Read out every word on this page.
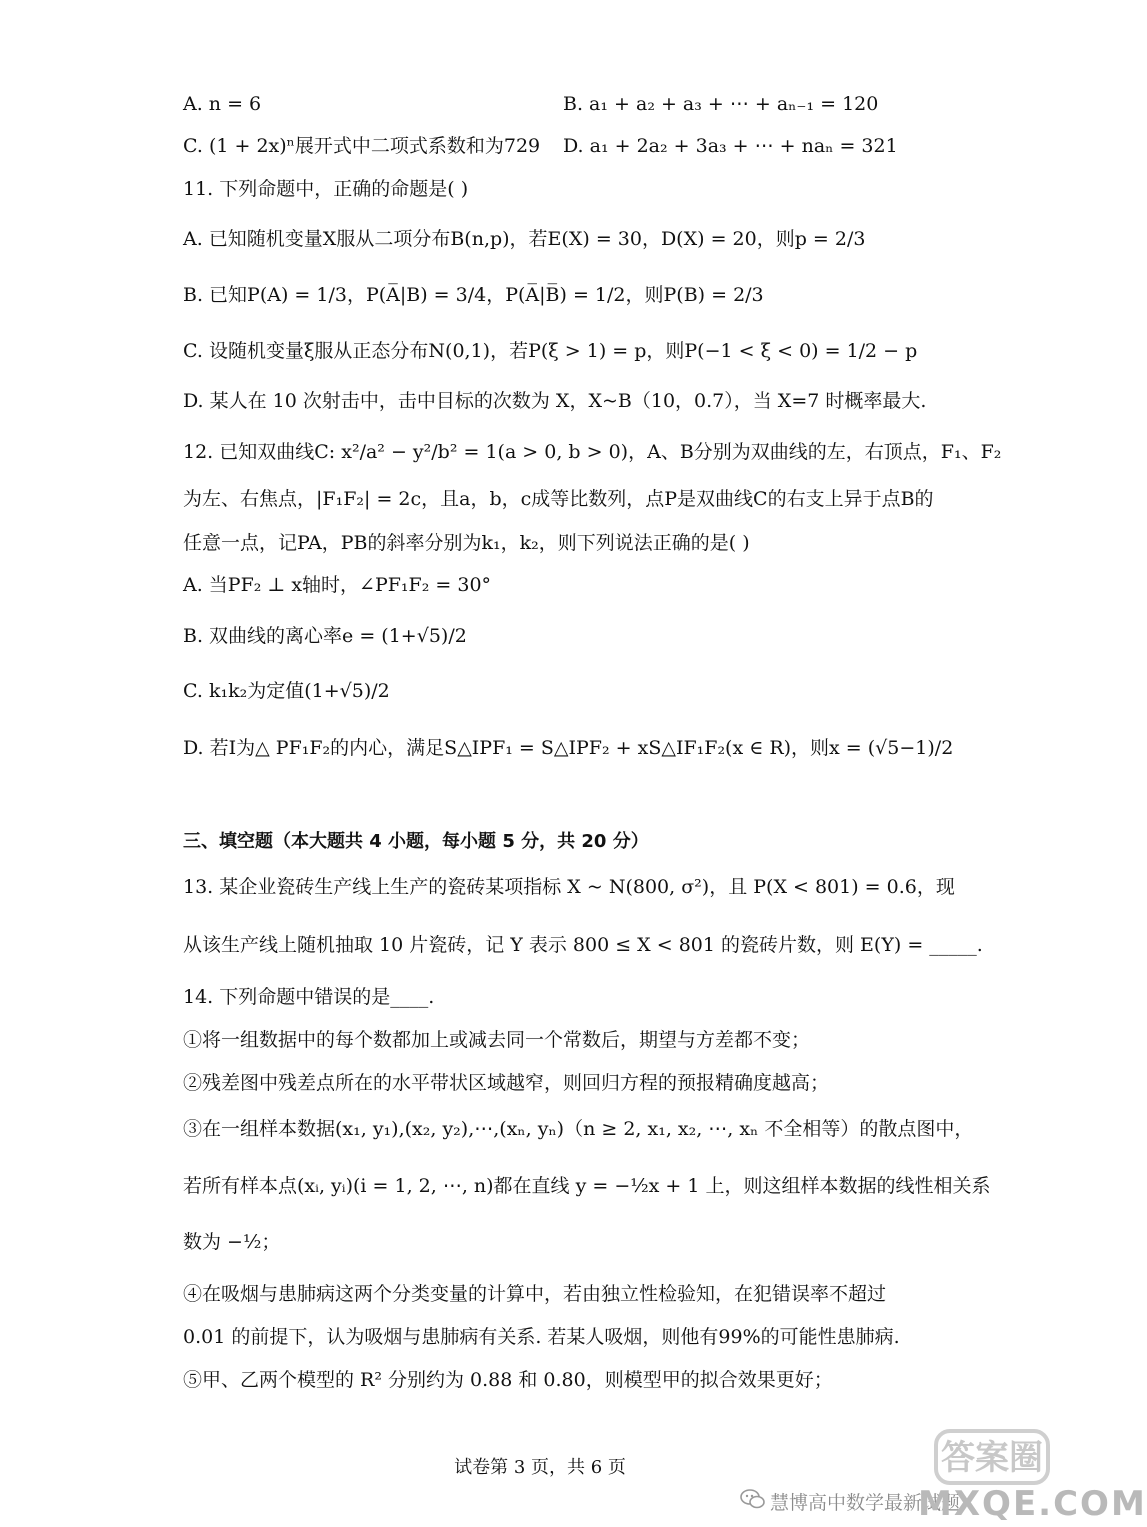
A. n = 6	B. a₁ + a₂ + a₃ + ⋯ + aₙ₋₁ = 120
C. (1 + 2x)ⁿ展开式中二项式系数和为729 D. a₁ + 2a₂ + 3a₃ + ⋯ + naₙ = 321
11. 下列命题中，正确的命题是( )
A. 已知随机变量X服从二项分布B(n,p)，若E(X) = 30，D(X) = 20，则p = 2/3
B. 已知P(A) = 1/3，P(A̅|B) = 3/4，P(A̅|B̅) = 1/2，则P(B) = 2/3
C. 设随机变量ξ服从正态分布N(0,1)，若P(ξ > 1) = p，则P(−1 < ξ < 0) = 1/2 − p
D. 某人在 10 次射击中，击中目标的次数为 X，X~B（10，0.7），当 X=7 时概率最大.
12. 已知双曲线C: x²/a² − y²/b² = 1(a > 0, b > 0)，A、B分别为双曲线的左，右顶点，F₁、F₂
为左、右焦点，|F₁F₂| = 2c，且a，b，c成等比数列，点P是双曲线C的右支上异于点B的
任意一点，记PA，PB的斜率分别为k₁，k₂，则下列说法正确的是( )
A. 当PF₂ ⊥ x轴时，∠PF₁F₂ = 30°
B. 双曲线的离心率e = (1+√5)/2
C. k₁k₂为定值(1+√5)/2
D. 若I为△ PF₁F₂的内心，满足S△IPF₁ = S△IPF₂ + xS△IF₁F₂(x ∈ R)，则x = (√5−1)/2
三、填空题（本大题共 4 小题，每小题 5 分，共 20 分）
13. 某企业瓷砖生产线上生产的瓷砖某项指标 X ~ N(800, σ²)，且 P(X < 801) = 0.6，现
从该生产线上随机抽取 10 片瓷砖，记 Y 表示 800 ≤ X < 801 的瓷砖片数，则 E(Y) = _____.
14. 下列命题中错误的是____.
①将一组数据中的每个数都加上或减去同一个常数后，期望与方差都不变；
②残差图中残差点所在的水平带状区域越窄，则回归方程的预报精确度越高；
③在一组样本数据(x₁, y₁),(x₂, y₂),⋯,(xₙ, yₙ)（n ≥ 2, x₁, x₂, ⋯, xₙ 不全相等）的散点图中，
若所有样本点(xᵢ, yᵢ)(i = 1, 2, ⋯, n)都在直线 y = −½x + 1 上，则这组样本数据的线性相关系
数为 −½；
④在吸烟与患肺病这两个分类变量的计算中，若由独立性检验知，在犯错误率不超过
0.01 的前提下，认为吸烟与患肺病有关系. 若某人吸烟，则他有99%的可能性患肺病.
⑤甲、乙两个模型的 R² 分别约为 0.88 和 0.80，则模型甲的拟合效果更好；
试卷第 3 页，共 6 页
慧博高中数学最新试题
答案圈
MXQE.COM
